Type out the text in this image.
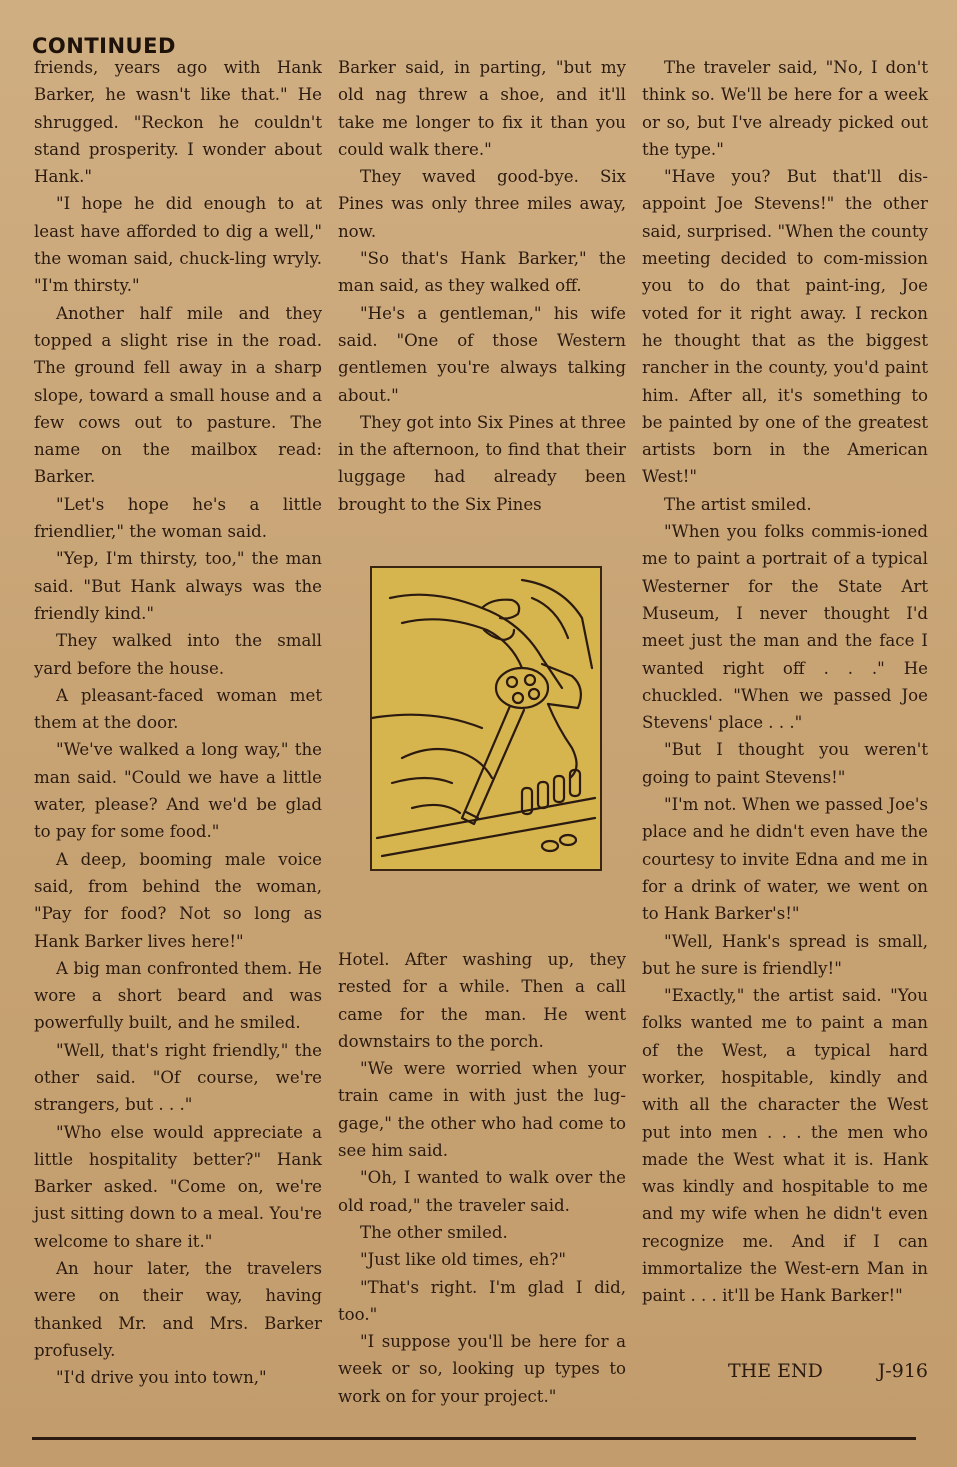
CONTINUED

friends, years ago with Hank Barker, he wasn't like that." He shrugged. "Reckon he couldn't stand prosperity. I wonder about Hank."

"I hope he did enough to at least have afforded to dig a well," the woman said, chuck-ling wryly. "I'm thirsty."

Another half mile and they topped a slight rise in the road. The ground fell away in a sharp slope, toward a small house and a few cows out to pasture. The name on the mailbox read: Barker.

"Let's hope he's a little friendlier," the woman said.

"Yep, I'm thirsty, too," the man said. "But Hank always was the friendly kind."

They walked into the small yard before the house.

A pleasant-faced woman met them at the door.

"We've walked a long way," the man said. "Could we have a little water, please? And we'd be glad to pay for some food."

A deep, booming male voice said, from behind the woman, "Pay for food? Not so long as Hank Barker lives here!"

A big man confronted them. He wore a short beard and was powerfully built, and he smiled.

"Well, that's right friendly," the other said. "Of course, we're strangers, but . . ."

"Who else would appreciate a little hospitality better?" Hank Barker asked. "Come on, we're just sitting down to a meal. You're welcome to share it."

An hour later, the travelers were on their way, having thanked Mr. and Mrs. Barker profusely.

"I'd drive you into town,"

Barker said, in parting, "but my old nag threw a shoe, and it'll take me longer to fix it than you could walk there."

They waved good-bye. Six Pines was only three miles away, now.

"So that's Hank Barker," the man said, as they walked off.

"He's a gentleman," his wife said. "One of those Western gentlemen you're always talking about."

They got into Six Pines at three in the afternoon, to find that their luggage had already been brought to the Six Pines

Hotel. After washing up, they rested for a while. Then a call came for the man. He went downstairs to the porch.

"We were worried when your train came in with just the lug-gage," the other who had come to see him said.

"Oh, I wanted to walk over the old road," the traveler said.

The other smiled.

"Just like old times, eh?"

"That's right. I'm glad I did, too."

"I suppose you'll be here for a week or so, looking up types to work on for your project."

The traveler said, "No, I don't think so. We'll be here for a week or so, but I've already picked out the type."

"Have you? But that'll dis-appoint Joe Stevens!" the other said, surprised. "When the county meeting decided to com-mission you to do that paint-ing, Joe voted for it right away. I reckon he thought that as the biggest rancher in the county, you'd paint him. After all, it's something to be painted by one of the greatest artists born in the American West!"

The artist smiled.

"When you folks commis-ioned me to paint a portrait of a typical Westerner for the State Art Museum, I never thought I'd meet just the man and the face I wanted right off . . ." He chuckled. "When we passed Joe Stevens' place . . ."

"But I thought you weren't going to paint Stevens!"

"I'm not. When we passed Joe's place and he didn't even have the courtesy to invite Edna and me in for a drink of water, we went on to Hank Barker's!"

"Well, Hank's spread is small, but he sure is friendly!"

"Exactly," the artist said. "You folks wanted me to paint a man of the West, a typical hard worker, hospitable, kindly and with all the character the West put into men . . . the men who made the West what it is. Hank was kindly and hospitable to me and my wife when he didn't even recognize me. And if I can immortalize the West-ern Man in paint . . . it'll be Hank Barker!"

THE END	J-916
